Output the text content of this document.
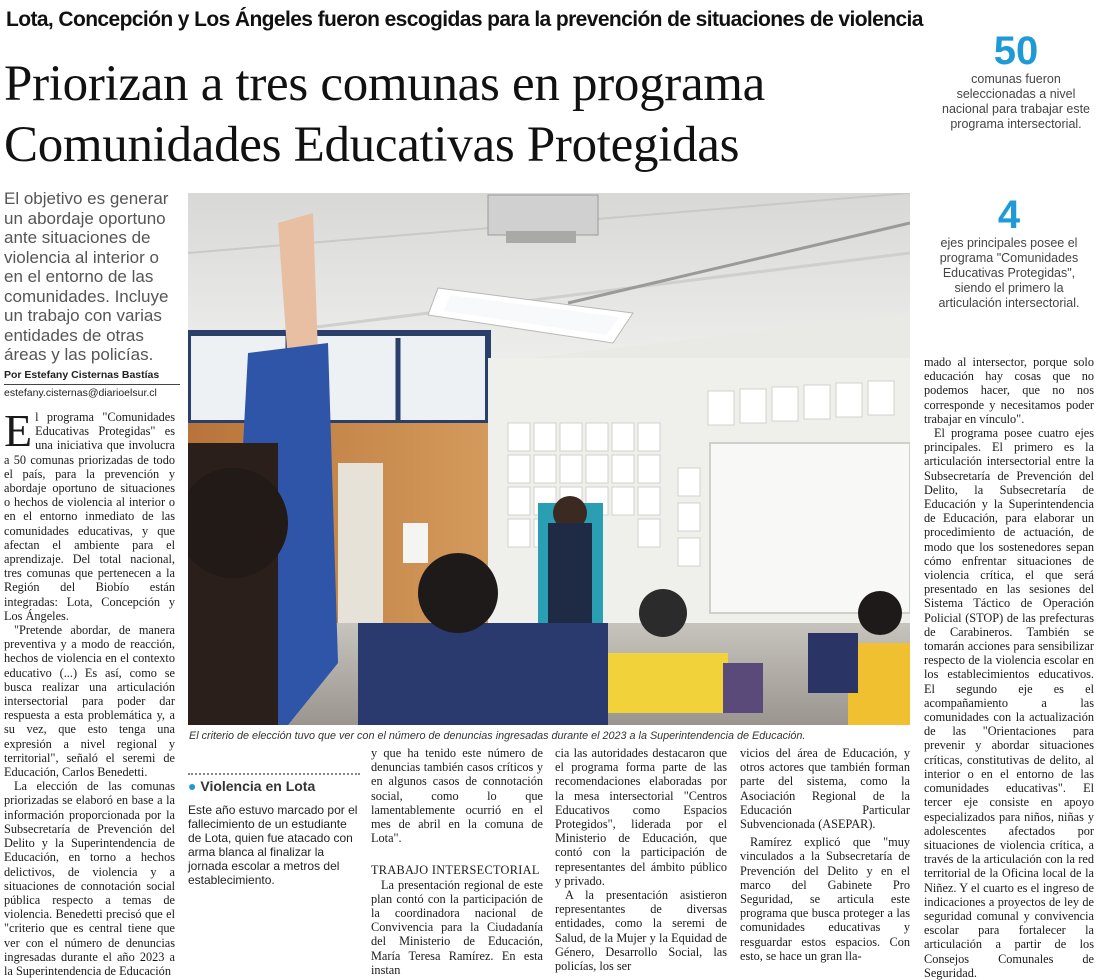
Lota, Concepción y Los Ángeles fueron escogidas para la prevención de situaciones de violencia
Priorizan a tres comunas en programa
Comunidades Educativas Protegidas
50
comunas fueron seleccionadas a nivel nacional para trabajar este programa intersectorial.
4
ejes principales posee el programa "Comunidades Educativas Protegidas", siendo el primero la articulación intersectorial.
El objetivo es generar un abordaje oportuno ante situaciones de violencia al interior o en el entorno de las comunidades. Incluye un trabajo con varias entidades de otras áreas y las policías.
Por Estefany Cisternas Bastías
estefany.cisternas@diarioelsur.cl
El criterio de elección tuvo que ver con el número de denuncias ingresadas durante el 2023 a la Superintendencia de Educación.

El programa "Comunidades Educativas Protegidas" es una iniciativa que involucra a 50 comunas priorizadas de todo el país, para la prevención y abordaje oportuno de situaciones o hechos de violencia al interior o en el entorno inmediato de las comunidades educativas, y que afectan el ambiente para el aprendizaje. Del total nacional, tres comunas que pertenecen a la Región del Biobío están integradas: Lota, Concepción y Los Ángeles.

"Pretende abordar, de manera preventiva y a modo de reacción, hechos de violencia en el contexto educativo (...) Es así, como se busca realizar una articulación intersectorial para poder dar respuesta a esta problemática y, a su vez, que esto tenga una expresión a nivel regional y territorial", señaló el seremi de Educación, Carlos Benedetti.

La elección de las comunas priorizadas se elaboró en base a la información proporcionada por la Subsecretaría de Prevención del Delito y la Superintendencia de Educación, en torno a hechos delictivos, de violencia y a situaciones de connotación social pública respecto a temas de violencia. Benedetti precisó que el "criterio que es central tiene que ver con el número de denuncias ingresadas durante el año 2023 a la Superintendencia de Educación

● Violencia en Lota
Este año estuvo marcado por el fallecimiento de un estudiante de Lota, quien fue atacado con arma blanca al finalizar la jornada escolar a metros del establecimiento.

y que ha tenido este número de denuncias también casos críticos y en algunos casos de connotación social, como lo que lamentablemente ocurrió en el mes de abril en la comuna de Lota".

TRABAJO INTERSECTORIAL

La presentación regional de este plan contó con la participación de la coordinadora nacional de Convivencia para la Ciudadanía del Ministerio de Educación, María Teresa Ramírez. En esta instan

cia las autoridades destacaron que el programa forma parte de las recomendaciones elaboradas por la mesa intersectorial "Centros Educativos como Espacios Protegidos", liderada por el Ministerio de Educación, que contó con la participación de representantes del ámbito público y privado.

A la presentación asistieron representantes de diversas entidades, como la seremi de Salud, de la Mujer y la Equidad de Género, Desarrollo Social, las policías, los ser

vicios del área de Educación, y otros actores que también forman parte del sistema, como la Asociación Regional de la Educación Particular Subvencionada (ASEPAR).

Ramírez explicó que "muy vinculados a la Subsecretaría de Prevención del Delito y en el marco del Gabinete Pro Seguridad, se articula este programa que busca proteger a las comunidades educativas y resguardar estos espacios. Con esto, se hace un gran lla-

mado al intersector, porque solo educación hay cosas que no podemos hacer, que no nos corresponde y necesitamos poder trabajar en vínculo".

El programa posee cuatro ejes principales. El primero es la articulación intersectorial entre la Subsecretaría de Prevención del Delito, la Subsecretaría de Educación y la Superintendencia de Educación, para elaborar un procedimiento de actuación, de modo que los sostenedores sepan cómo enfrentar situaciones de violencia crítica, el que será presentado en las sesiones del Sistema Táctico de Operación Policial (STOP) de las prefecturas de Carabineros. También se tomarán acciones para sensibilizar respecto de la violencia escolar en los establecimientos educativos. El segundo eje es el acompañamiento a las comunidades con la actualización de las "Orientaciones para prevenir y abordar situaciones críticas, constitutivas de delito, al interior o en el entorno de las comunidades educativas". El tercer eje consiste en apoyo especializados para niños, niñas y adolescentes afectados por situaciones de violencia crítica, a través de la articulación con la red territorial de la Oficina local de la Niñez. Y el cuarto es el ingreso de indicaciones a proyectos de ley de seguridad comunal y convivencia escolar para fortalecer la articulación a partir de los Consejos Comunales de Seguridad.
